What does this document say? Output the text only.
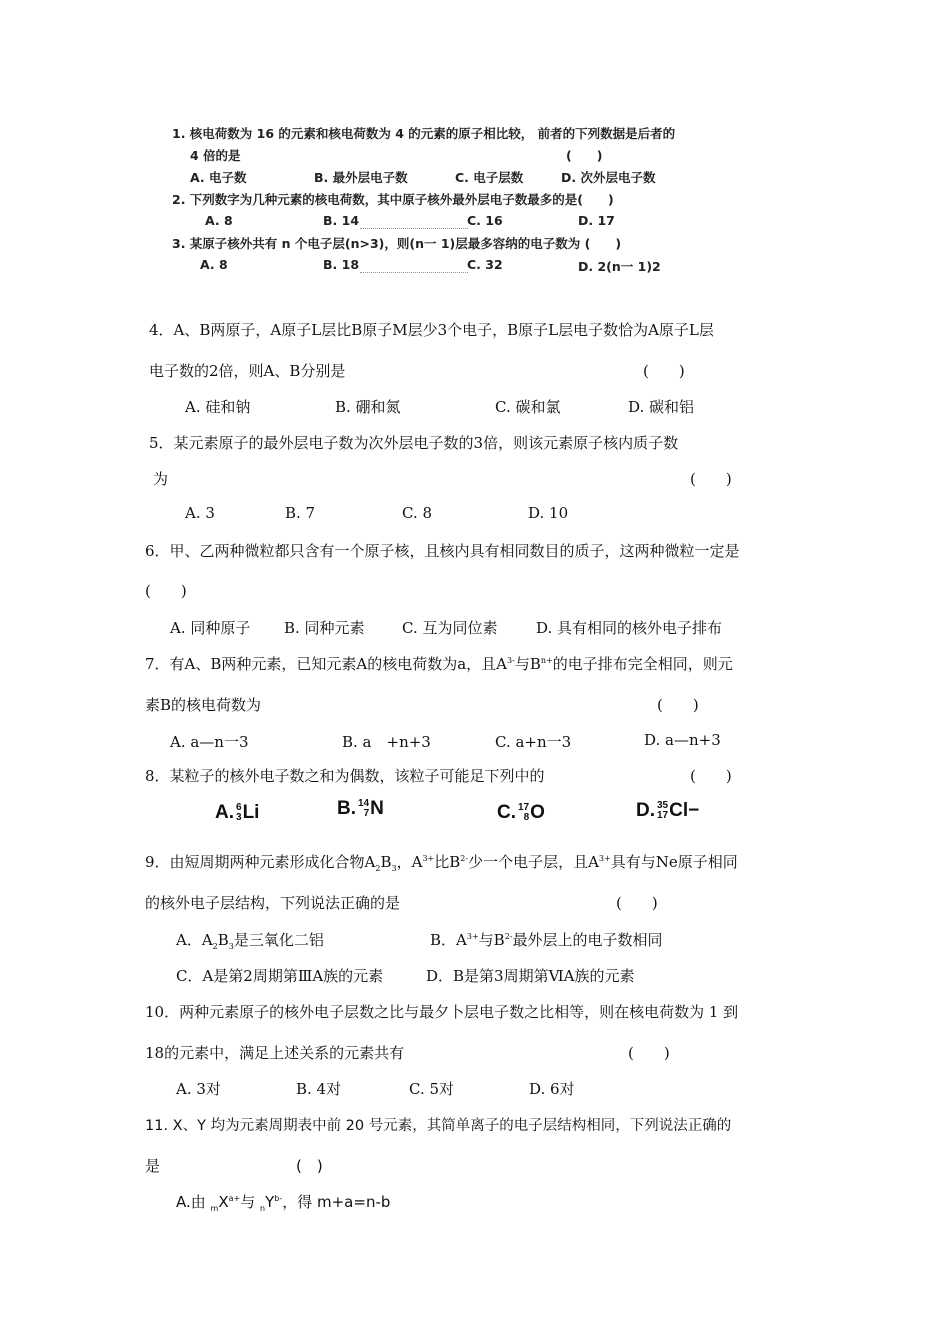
1. 核电荷数为 16 的元素和核电荷数为 4 的元素的原子相比较， 前者的下列数据是后者的
4 倍的是	(　　)
A. 电子数	B. 最外层电子数	C. 电子层数	D. 次外层电子数
2. 下列数字为几种元素的核电荷数，其中原子核外最外层电子数最多的是(　　)
A. 8	B. 14	C. 16	D. 17
3. 某原子核外共有 n 个电子层(n>3)，则(n一 1)层最多容纳的电子数为 (　　)
A. 8	B. 18	C. 32	D. 2(n一 1)2
4．A、B两原子，A原子L层比B原子M层少3个电子，B原子L层电子数恰为A原子L层
电子数的2倍，则A、B分别是	(　　)
A. 硅和钠	B. 硼和氮	C. 碳和氯	D. 碳和铝
5．某元素原子的最外层电子数为次外层电子数的3倍，则该元素原子核内质子数
为	(　　)
A. 3	B. 7	C. 8	D. 10
6．甲、乙两种微粒都只含有一个原子核，且核内具有相同数目的质子，这两种微粒一定是
(　　)
A. 同种原子 B. 同种元素 C. 互为同位素	D. 具有相同的核外电子排布
7．有A、B两种元素，已知元素A的核电荷数为a，且$A^{3-}$与$B^{n+}$的电子排布完全相同，则元
素B的核电荷数为	(　　)
A. a—n一3	B. a　+n+3	C. a+n一3	D. a—n+3
8．某粒子的核外电子数之和为偶数，该粒子可能足下列中的	(　　)
A. 6
3 Li	B. 14
7 N	C. 17
8 O	D. 35
17 Cl −
9．由短周期两种元素形成化合物$A_2B_3$，$A^{3+}$比$B^{2-}$少一个电子层，且$A^{3+}$具有与Ne原子相同
的核外电子层结构，下列说法正确的是	(　　)
A．$A_2B_3$是三氧化二铝	B．$A^{3+}$与$B^{2-}$最外层上的电子数相同
C．A是第2周期第ⅢA族的元素	D．B是第3周期第ⅥA族的元素
10．两种元素原子的核外电子层数之比与最夕卜层电子数之比相等，则在核电荷数为 1 到
18的元素中，满足上述关系的元素共有	(　　)
A. 3对	B. 4对	C. 5对	D. 6对
11. X、Y 均为元素周期表中前 20 号元素，其简单离子的电子层结构相同，下列说法正确的
是	(　)
A.由 $_mX^{a+}$与 $_nY^{b-}$，得 m+a=n-b
